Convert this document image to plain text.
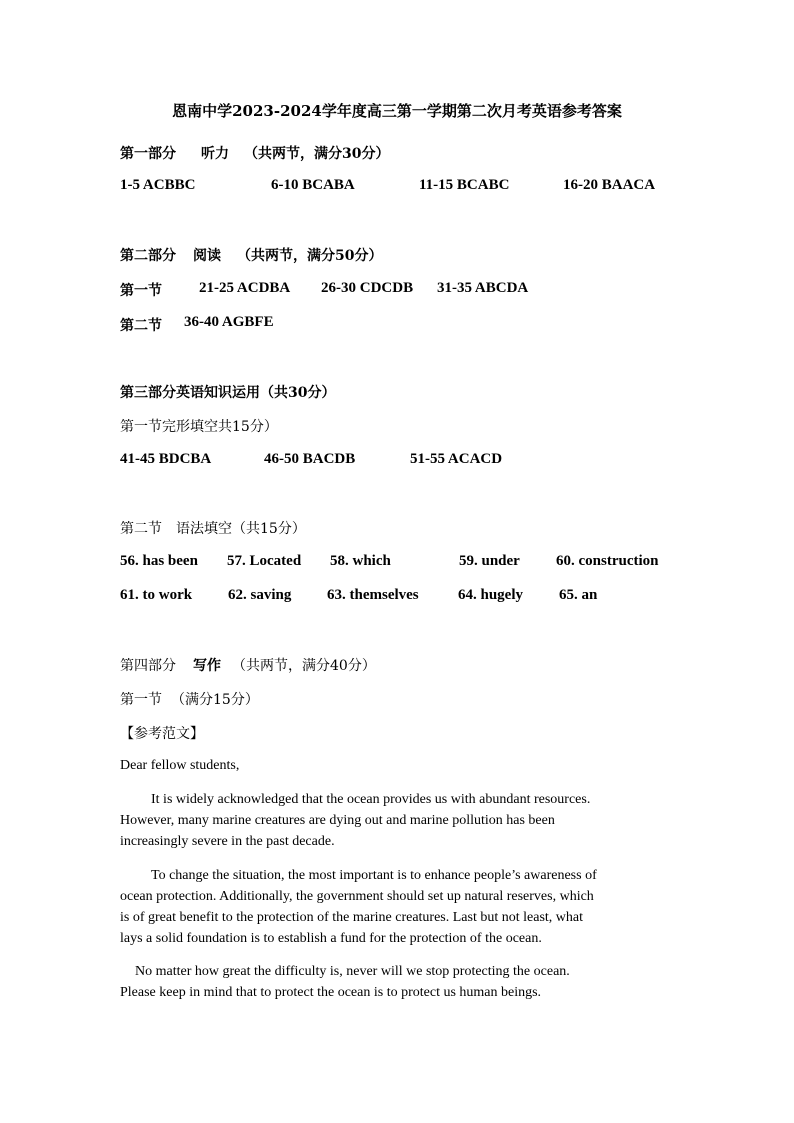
恩南中学2023-2024学年度高三第一学期第二次月考英语参考答案
第一部分 听力 （共两节，满分30分）
1-5 ACBBC	6-10 BCABA	11-15 BCABC	16-20 BAACA
第二部分 阅读 （共两节，满分50分）
第一节 21-25 ACDBA 26-30 CDCDB 31-35 ABCDA
第二节 36-40 AGBFE
第三部分英语知识运用（共30分）
第一节完形填空共15分）
41-45 BDCBA	46-50 BACDB	51-55 ACACD
第二节 语法填空（共15分）
56. has been 57. Located 58. which	59. under 60. construction
61. to work 62. saving 63. themselves	64. hugely 65. an
第四部分 写作 （共两节，满分40分）
第一节 （满分15分）
【参考范文】
Dear fellow students,
It is widely acknowledged that the ocean provides us with abundant resources.
However, many marine creatures are dying out and marine pollution has been
increasingly severe in the past decade.
To change the situation, the most important is to enhance people’s awareness of
ocean protection. Additionally, the government should set up natural reserves, which
is of great benefit to the protection of the marine creatures. Last but not least, what
lays a solid foundation is to establish a fund for the protection of the ocean.
No matter how great the difficulty is, never will we stop protecting the ocean.
Please keep in mind that to protect the ocean is to protect us human beings.
